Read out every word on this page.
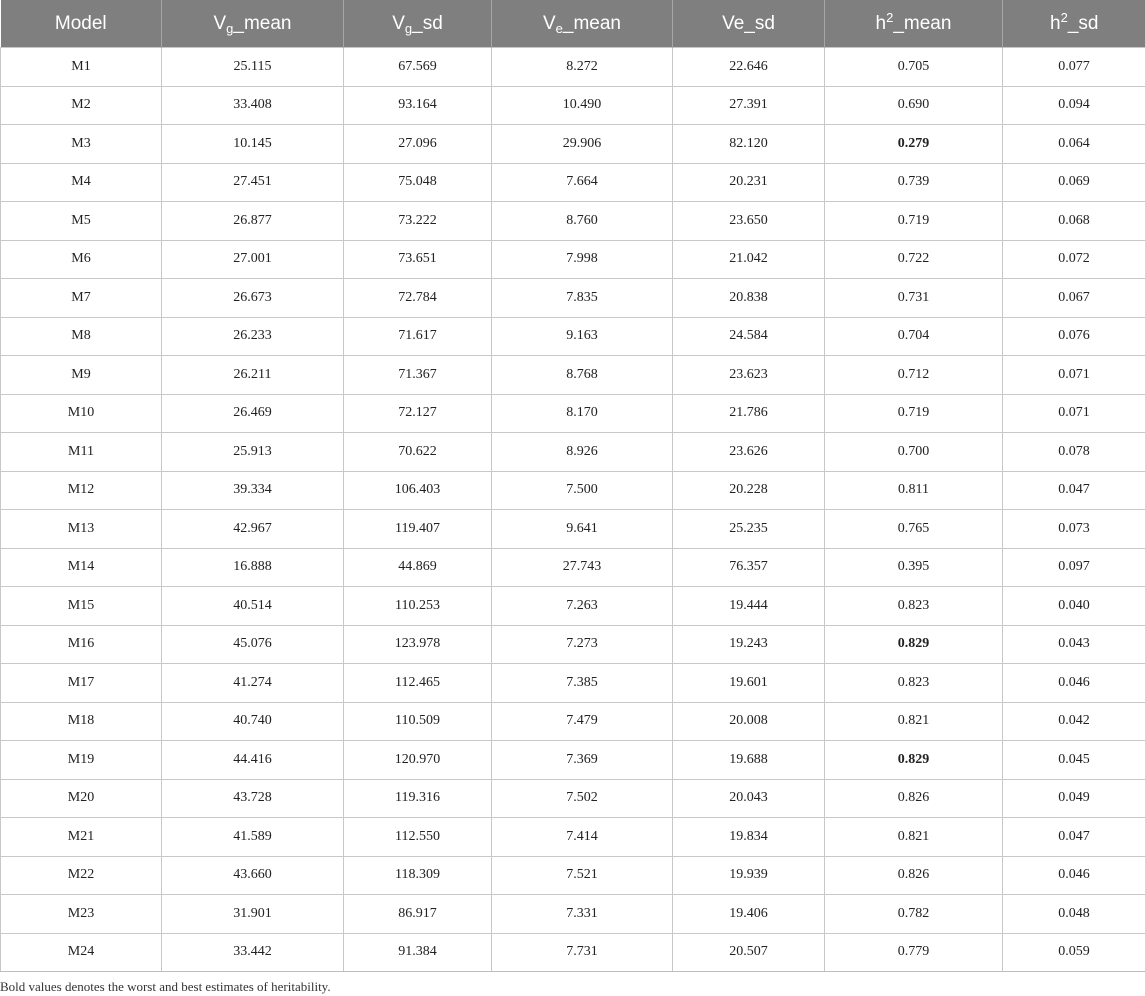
Model	$V_g\_mean$	$V_g\_sd$	$V_e\_mean$	Ve_sd	$h^2\_mean$	$h^2\_sd$
M1	25.115	67.569	8.272	22.646	0.705	0.077
M2	33.408	93.164	10.490	27.391	0.690	0.094
M3	10.145	27.096	29.906	82.120	0.279	0.064
M4	27.451	75.048	7.664	20.231	0.739	0.069
M5	26.877	73.222	8.760	23.650	0.719	0.068
M6	27.001	73.651	7.998	21.042	0.722	0.072
M7	26.673	72.784	7.835	20.838	0.731	0.067
M8	26.233	71.617	9.163	24.584	0.704	0.076
M9	26.211	71.367	8.768	23.623	0.712	0.071
M10	26.469	72.127	8.170	21.786	0.719	0.071
M11	25.913	70.622	8.926	23.626	0.700	0.078
M12	39.334	106.403	7.500	20.228	0.811	0.047
M13	42.967	119.407	9.641	25.235	0.765	0.073
M14	16.888	44.869	27.743	76.357	0.395	0.097
M15	40.514	110.253	7.263	19.444	0.823	0.040
M16	45.076	123.978	7.273	19.243	0.829	0.043
M17	41.274	112.465	7.385	19.601	0.823	0.046
M18	40.740	110.509	7.479	20.008	0.821	0.042
M19	44.416	120.970	7.369	19.688	0.829	0.045
M20	43.728	119.316	7.502	20.043	0.826	0.049
M21	41.589	112.550	7.414	19.834	0.821	0.047
M22	43.660	118.309	7.521	19.939	0.826	0.046
M23	31.901	86.917	7.331	19.406	0.782	0.048
M24	33.442	91.384	7.731	20.507	0.779	0.059
Bold values denotes the worst and best estimates of heritability.
